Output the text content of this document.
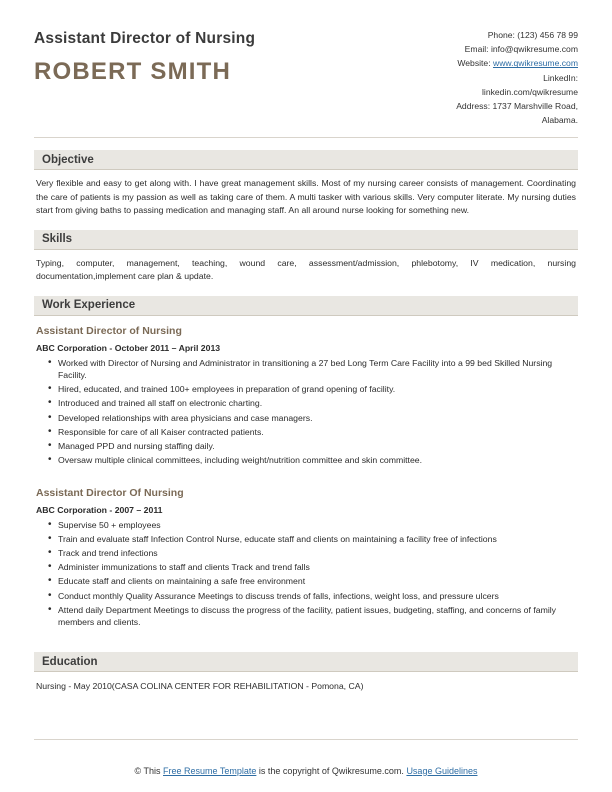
Assistant Director of Nursing
ROBERT SMITH
Phone: (123) 456 78 99
Email: info@qwikresume.com
Website: www.qwikresume.com
LinkedIn:
linkedin.com/qwikresume
Address: 1737 Marshville Road,
Alabama.
Objective
Very flexible and easy to get along with. I have great management skills. Most of my nursing career consists of management. Coordinating the care of patients is my passion as well as taking care of them. A multi tasker with various skills. Very computer literate. My nursing duties start from giving baths to passing medication and managing staff. An all around nurse looking for something new.
Skills
Typing, computer, management, teaching, wound care, assessment/admission, phlebotomy, IV medication, nursing documentation,implement care plan & update.
Work Experience
Assistant Director of Nursing
ABC Corporation - October 2011 – April 2013
• Worked with Director of Nursing and Administrator in transitioning a 27 bed Long Term Care Facility into a 99 bed Skilled Nursing Facility.
• Hired, educated, and trained 100+ employees in preparation of grand opening of facility.
• Introduced and trained all staff on electronic charting.
• Developed relationships with area physicians and case managers.
• Responsible for care of all Kaiser contracted patients.
• Managed PPD and nursing staffing daily.
• Oversaw multiple clinical committees, including weight/nutrition committee and skin committee.
Assistant Director Of Nursing
ABC Corporation - 2007 – 2011
• Supervise 50 + employees
• Train and evaluate staff Infection Control Nurse, educate staff and clients on maintaining a facility free of infections
• Track and trend infections
• Administer immunizations to staff and clients Track and trend falls
• Educate staff and clients on maintaining a safe free environment
• Conduct monthly Quality Assurance Meetings to discuss trends of falls, infections, weight loss, and pressure ulcers
• Attend daily Department Meetings to discuss the progress of the facility, patient issues, budgeting, staffing, and concerns of family members and clients.
Education
Nursing - May 2010(CASA COLINA CENTER FOR REHABILITATION - Pomona, CA)
© This Free Resume Template is the copyright of Qwikresume.com. Usage Guidelines
